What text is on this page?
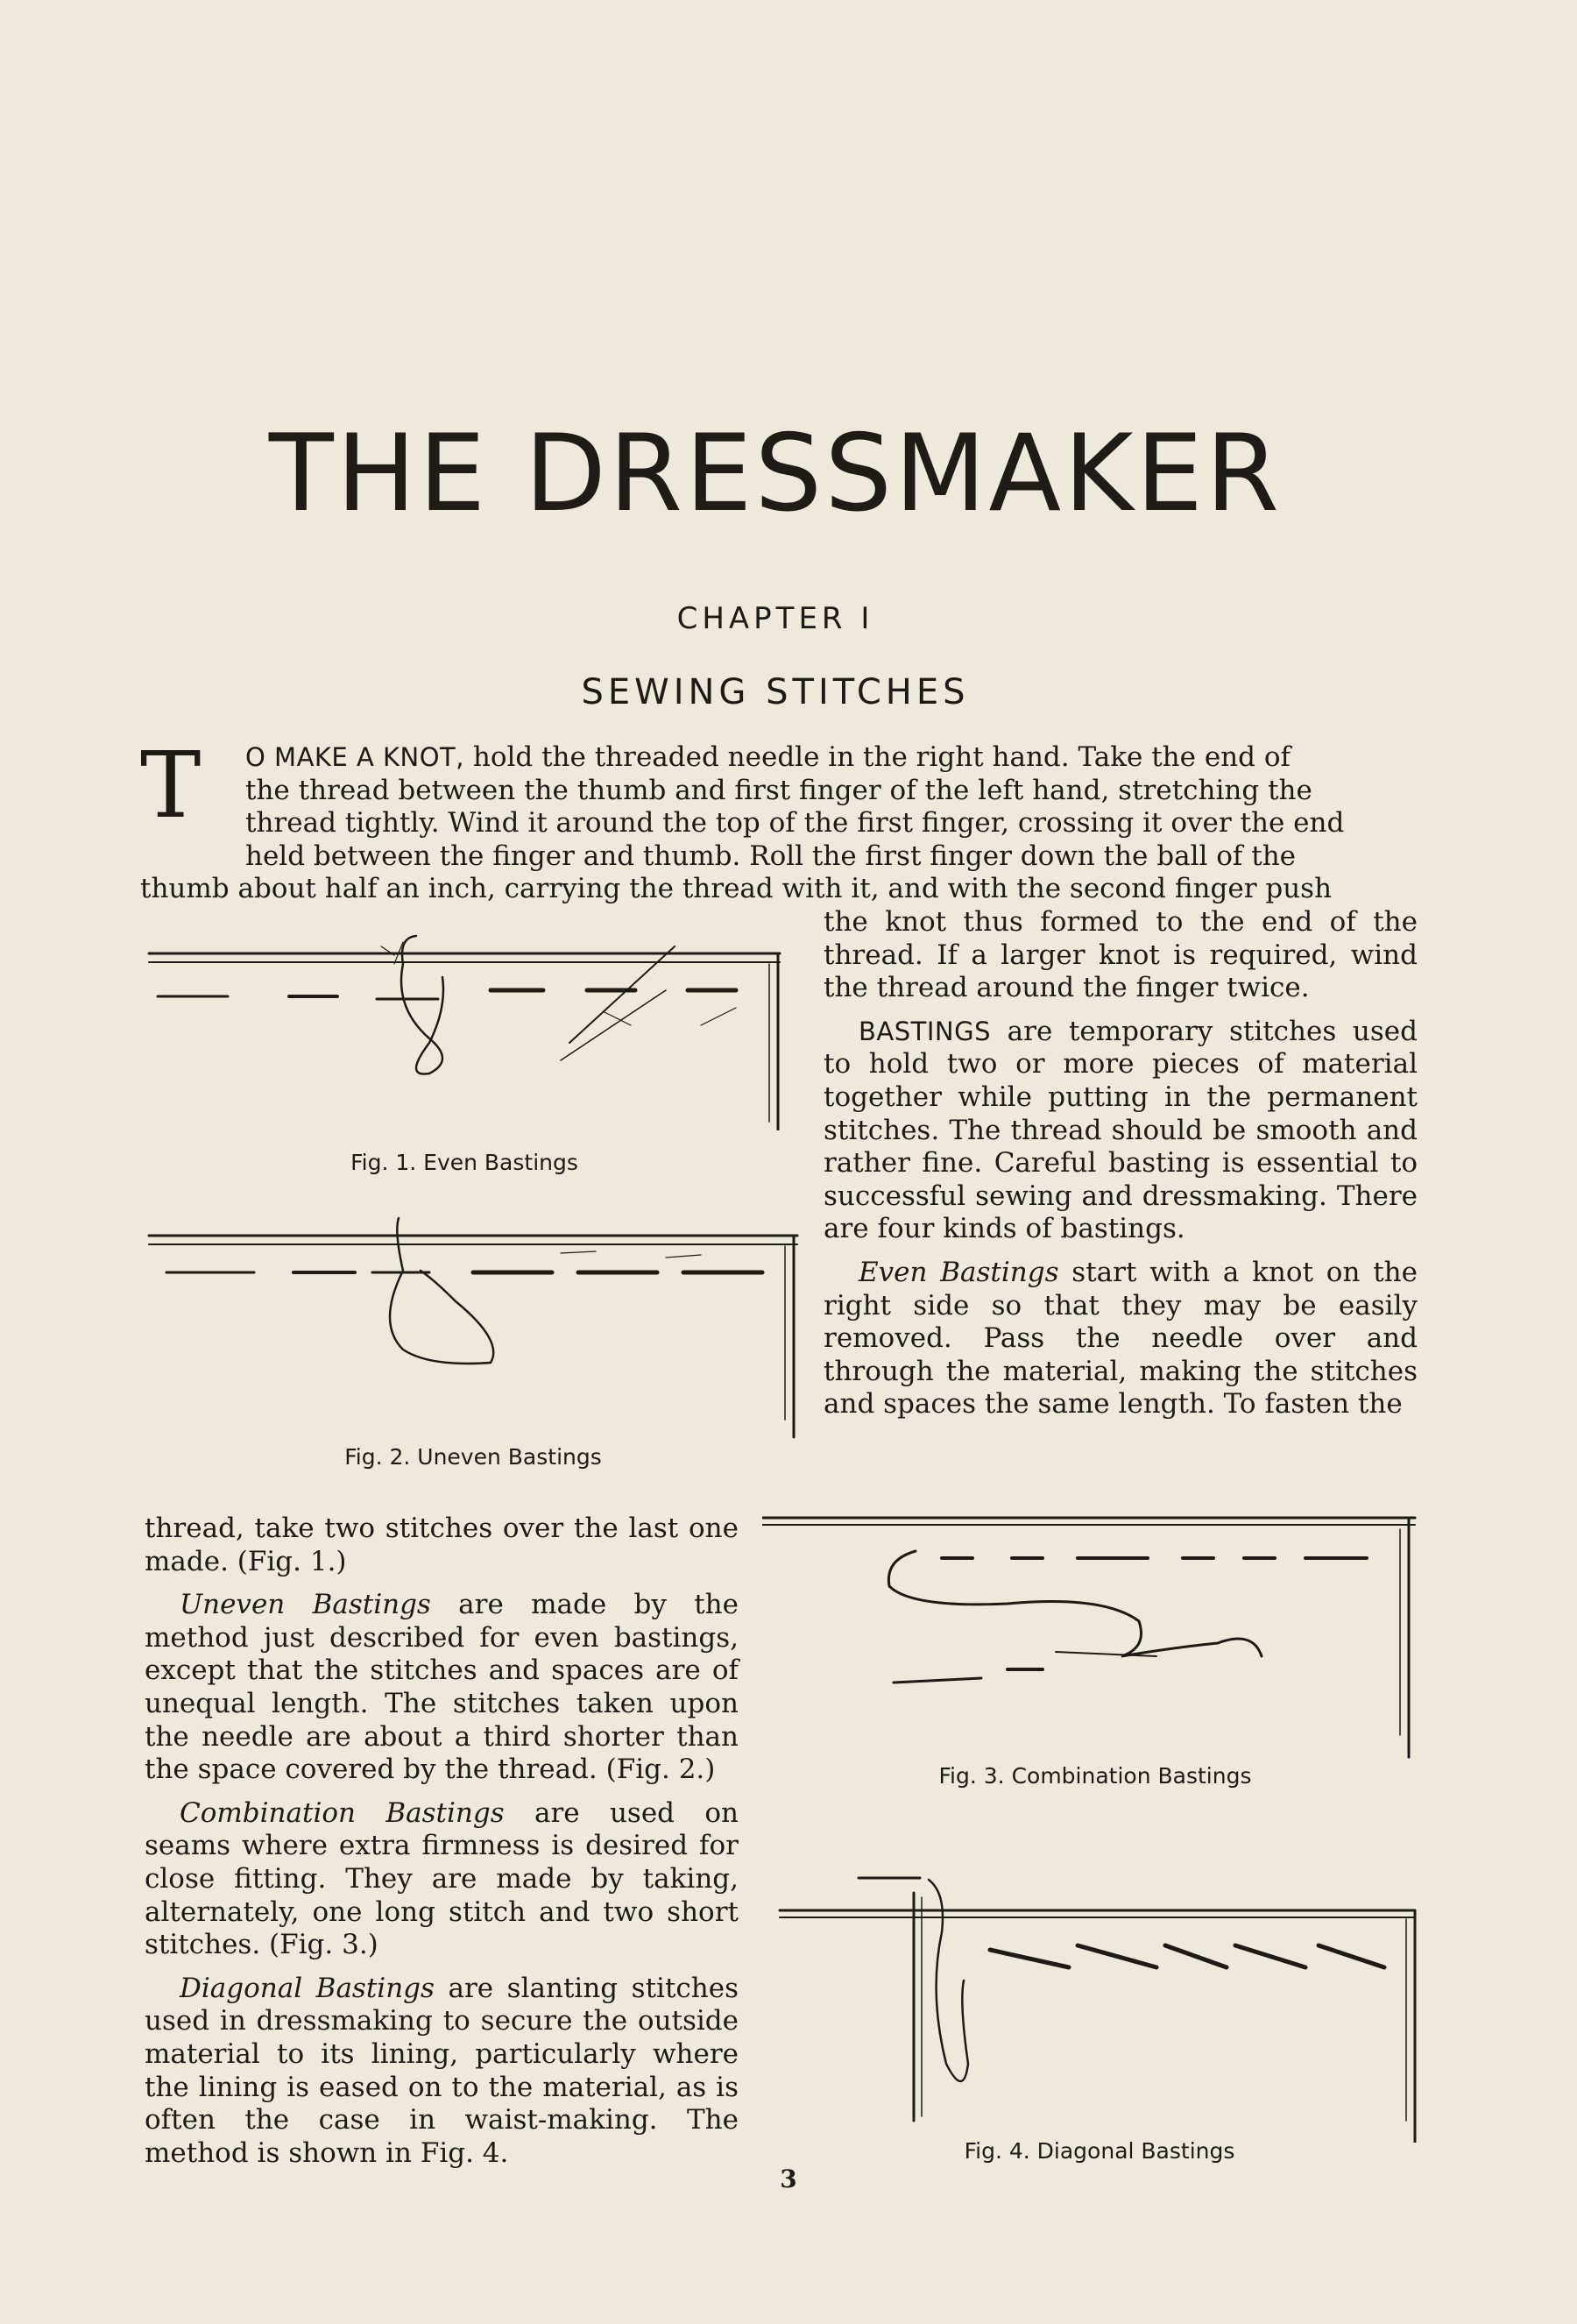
THE DRESSMAKER
CHAPTER I
SEWING STITCHES
T	O MAKE A KNOT, hold the threaded needle in the right hand. Take the end of
the thread between the thumb and first finger of the left hand, stretching the
thread tightly. Wind it around the top of the first finger, crossing it over the end
held between the finger and thumb. Roll the first finger down the ball of the
thumb about half an inch, carrying the thread with it, and with the second finger push

the knot thus formed to the end of the thread. If a larger knot is required, wind the thread around the finger twice.

BASTINGS are temporary stitches used to hold two or more pieces of material together while putting in the permanent stitches. The thread should be smooth and rather fine. Careful basting is essential to successful sewing and dressmaking. There are four kinds of bastings.

Even Bastings start with a knot on the right side so that they may be easily removed. Pass the needle over and through the material, making the stitches and spaces the same length. To fasten the

thread, take two stitches over the last one made. (Fig. 1.)

Uneven Bastings are made by the method just described for even bastings, except that the stitches and spaces are of unequal length. The stitches taken upon the needle are about a third shorter than the space covered by the thread. (Fig. 2.)

Combination Bastings are used on seams where extra firmness is desired for close fitting. They are made by taking, alternately, one long stitch and two short stitches. (Fig. 3.)

Diagonal Bastings are slanting stitches used in dressmaking to secure the outside material to its lining, particularly where the lining is eased on to the material, as is often the case in waist-making. The method is shown in Fig. 4.

Fig. 1. Even Bastings
Fig. 2. Uneven Bastings
Fig. 3. Combination Bastings
Fig. 4. Diagonal Bastings
3
